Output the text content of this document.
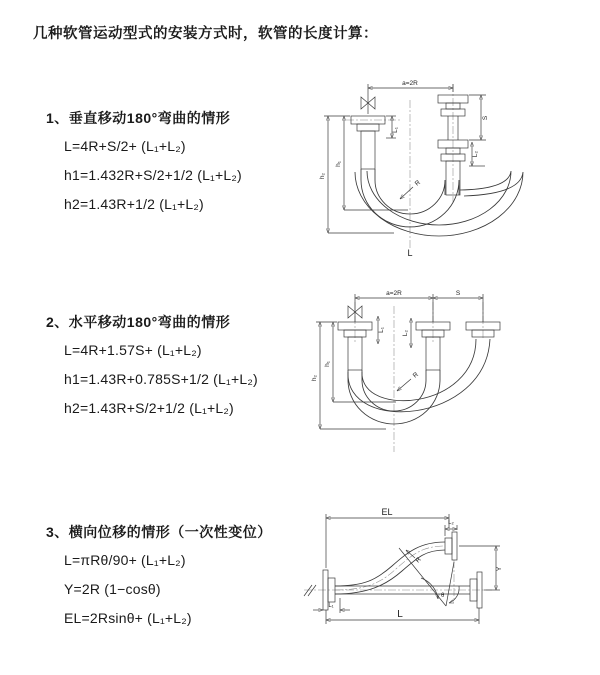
几种软管运动型式的安装方式时，软管的长度计算：
1、垂直移动180°弯曲的情形
L=4R+S/2+ (L₁+L₂)
h1=1.432R+S/2+1/2 (L₁+L₂)
h2=1.43R+1/2 (L₁+L₂)
a=2R
L₁
S
L₂
h₁
h₂
R
L
2、水平移动180°弯曲的情形
L=4R+1.57S+ (L₁+L₂)
h1=1.43R+0.785S+1/2 (L₁+L₂)
h2=1.43R+S/2+1/2 (L₁+L₂)
a=2R	S
L₁	L₂
h₁
h₂	R
3、横向位移的情形（一次性变位）
L=πRθ/90+ (L₁+L₂)
Y=2R (1−cosθ)
EL=2Rsinθ+ (L₁+L₂)
EL
L₂
Y
θ
R
L
L₁
